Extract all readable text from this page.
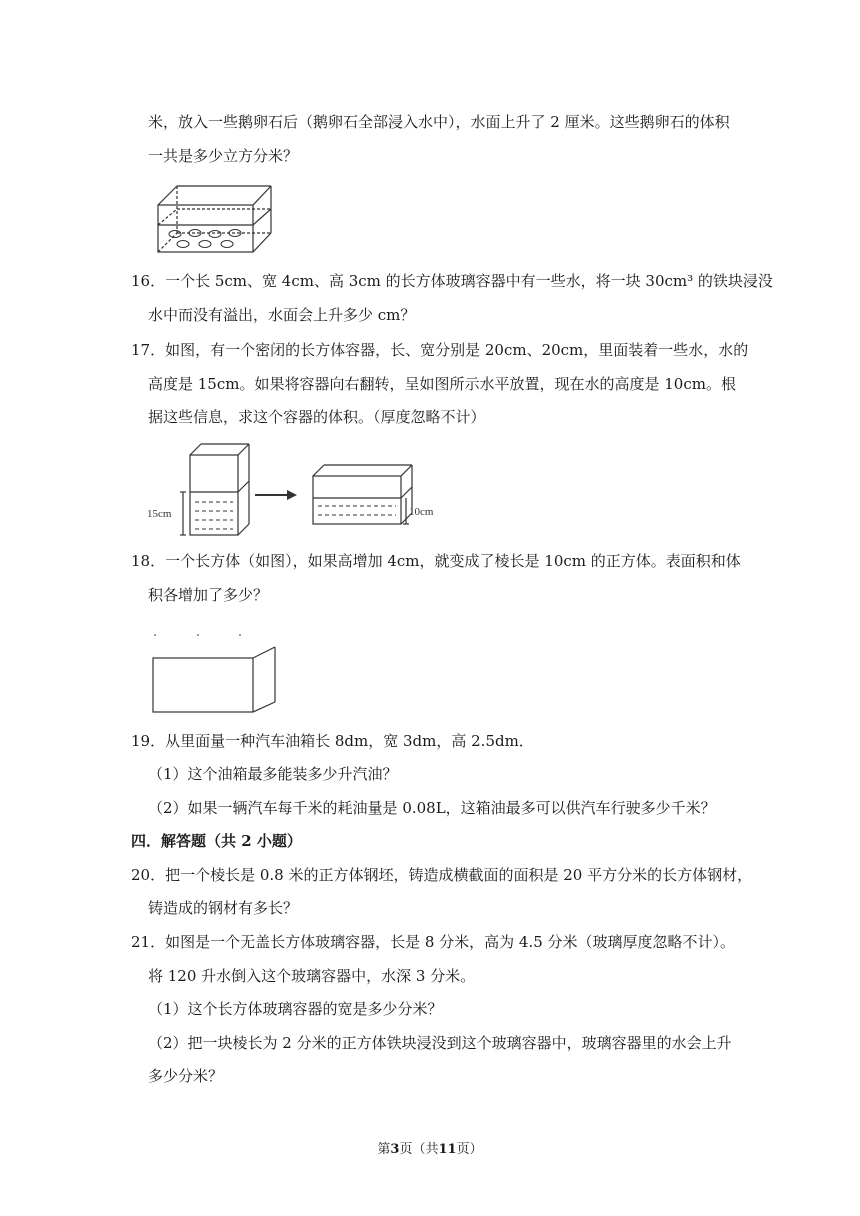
米，放入一些鹅卵石后（鹅卵石全部浸入水中），水面上升了 2 厘米。这些鹅卵石的体积
一共是多少立方分米？
16．一个长 5cm、宽 4cm、高 3cm 的长方体玻璃容器中有一些水，将一块 30cm³ 的铁块浸没
水中而没有溢出，水面会上升多少 cm？
17．如图，有一个密闭的长方体容器，长、宽分别是 20cm、20cm，里面装着一些水，水的
高度是 15cm。如果将容器向右翻转，呈如图所示水平放置，现在水的高度是 10cm。根
据这些信息，求这个容器的体积。（厚度忽略不计）
15cm	10cm
18．一个长方体（如图），如果高增加 4cm，就变成了棱长是 10cm 的正方体。表面积和体
积各增加了多少？
19．从里面量一种汽车油箱长 8dm，宽 3dm，高 2.5dm．
（1）这个油箱最多能装多少升汽油？
（2）如果一辆汽车每千米的耗油量是 0.08L，这箱油最多可以供汽车行驶多少千米？
四．解答题（共 2 小题）
20．把一个棱长是 0.8 米的正方体钢坯，铸造成横截面的面积是 20 平方分米的长方体钢材，
铸造成的钢材有多长？
21．如图是一个无盖长方体玻璃容器，长是 8 分米，高为 4.5 分米（玻璃厚度忽略不计）。
将 120 升水倒入这个玻璃容器中，水深 3 分米。
（1）这个长方体玻璃容器的宽是多少分米？
（2）把一块棱长为 2 分米的正方体铁块浸没到这个玻璃容器中，玻璃容器里的水会上升
多少分米？
第3页（共11页）
